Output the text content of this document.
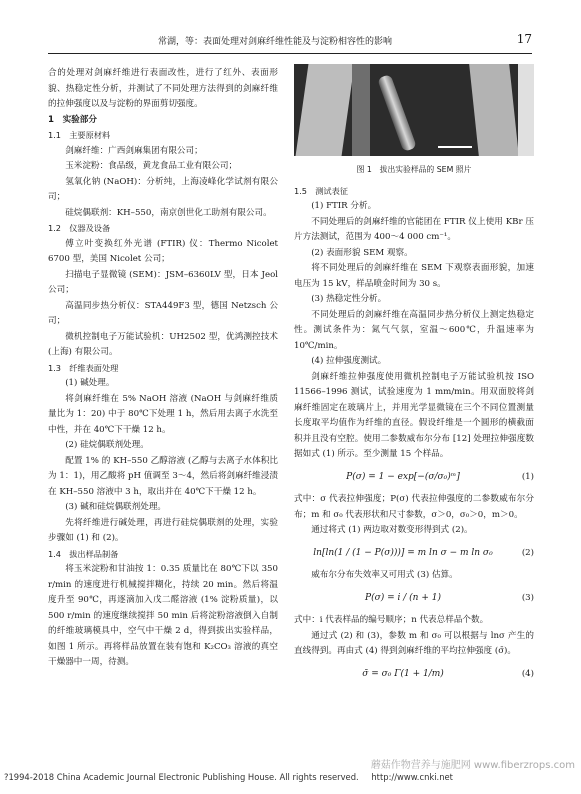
常湖，等：表面处理对剑麻纤维性能及与淀粉相容性的影响	17

合的处理对剑麻纤维进行表面改性，进行了红外、表面形貌、热稳定性分析，并测试了不同处理方法得到的剑麻纤维的拉伸强度以及与淀粉的界面剪切强度。

1　实验部分

1.1　主要原材料

剑麻纤维：广西剑麻集团有限公司；

玉米淀粉：食品级，黄龙食品工业有限公司；

氢氧化钠 (NaOH)：分析纯，上海凌峰化学试剂有限公司；

硅烷偶联剂：KH–550，南京创世化工助剂有限公司。

1.2　仪器及设备

傅立叶变换红外光谱 (FTIR) 仪：Thermo Nicolet 6700 型，美国 Nicolet 公司；

扫描电子显微镜 (SEM)：JSM–6360LV 型，日本 Jeol 公司；

高温同步热分析仪：STA449F3 型，德国 Netzsch 公司；

微机控制电子万能试验机：UH2502 型，优鸿测控技术 (上海) 有限公司。

1.3　纤维表面处理

(1) 碱处理。

将剑麻纤维在 5% NaOH 溶液 (NaOH 与剑麻纤维质量比为 1：20) 中于 80℃下处理 1 h，然后用去离子水洗至中性，并在 40℃下干燥 12 h。

(2) 硅烷偶联剂处理。

配置 1% 的 KH–550 乙醇溶液 (乙醇与去离子水体积比为 1：1)，用乙酸将 pH 值调至 3～4，然后将剑麻纤维浸渍在 KH–550 溶液中 3 h，取出并在 40℃下干燥 12 h。

(3) 碱和硅烷偶联剂处理。

先将纤维进行碱处理，再进行硅烷偶联剂的处理，实验步骤如 (1) 和 (2)。

1.4　拔出样品制备

将玉米淀粉和甘油按 1：0.35 质量比在 80℃下以 350 r/min 的速度进行机械搅拌糊化，持续 20 min。然后将温度升至 90℃，再逐滴加入戊二醛溶液 (1% 淀粉质量)，以 500 r/min 的速度继续搅拌 50 min 后将淀粉溶液倒入自制的纤维玻璃模具中，空气中干燥 2 d，得到拔出实验样品，如图 1 所示。再将样品放置在装有饱和 K₂CO₃ 溶液的真空干燥器中一周，待测。

图 1　拔出实验样品的 SEM 照片

1.5　测试表征

(1) FTIR 分析。

不同处理后的剑麻纤维的官能团在 FTIR 仪上使用 KBr 压片方法测试，范围为 400～4 000 cm⁻¹。

(2) 表面形貌 SEM 观察。

将不同处理后的剑麻纤维在 SEM 下观察表面形貌，加速电压为 15 kV，样品喷金时间为 30 s。

(3) 热稳定性分析。

不同处理后的剑麻纤维在高温同步热分析仪上测定热稳定性。测试条件为：氮气气氛，室温～600℃，升温速率为 10℃/min。

(4) 拉伸强度测试。

剑麻纤维拉伸强度使用微机控制电子万能试验机按 ISO 11566–1996 测试，试验速度为 1 mm/min。用双面胶将剑麻纤维固定在玻璃片上，并用光学显微镜在三个不同位置测量长度取平均值作为纤维的直径。假设纤维是一个圆形的横截面积并且没有空腔。使用二参数威布尔分布 [12] 处理拉伸强度数据如式 (1) 所示。至少测量 15 个样品。

P(σ) = 1 − exp[−(σ/σ₀)ᵐ]	(1)

式中：σ 代表拉伸强度；P(σ) 代表拉伸强度的二参数威布尔分布；m 和 σ₀ 代表形状和尺寸参数，σ＞0，σ₀＞0，m＞0。

通过将式 (1) 两边取对数变形得到式 (2)。

ln[ln(1 / (1 − P(σ)))] = m ln σ − m ln σ₀	(2)

威布尔分布失效率又可用式 (3) 估算。

P(σ) = i / (n + 1)	(3)

式中：i 代表样品的编号顺序；n 代表总样品个数。

通过式 (2) 和 (3)，参数 m 和 σ₀ 可以根据与 lnσ 产生的直线得到。再由式 (4) 得到剑麻纤维的平均拉伸强度 (σ̄)。

σ̄ = σ₀ Γ(1 + 1/m)	(4)
?1994-2018 China Academic Journal Electronic Publishing House. All rights reserved. http://www.cnki.net
蘑菇作物营养与施肥网 www.fiberzrops.com
